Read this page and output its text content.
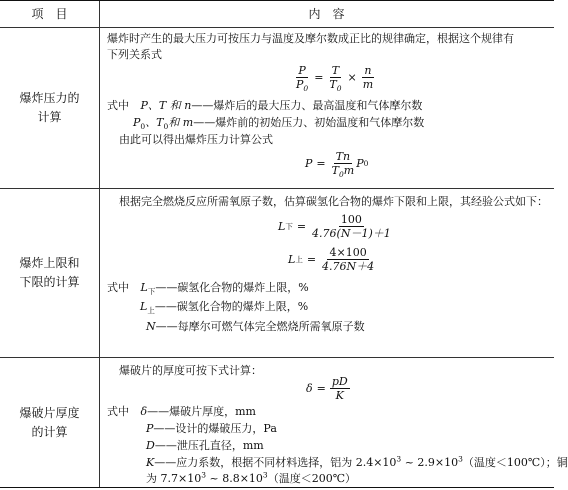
项　目	内　容
爆炸压力的计算
爆炸时产生的最大压力可按压力与温度及摩尔数成正比的规律确定，根据这个规律有
下列关系式
$\frac{P}{P_0} = \frac{T}{T_0} \times \frac{n}{m}$
式中 P、T 和 n——爆炸后的最大压力、最高温度和气体摩尔数
$P_0$、$T_0$和 m——爆炸前的初始压力、初始温度和气体摩尔数
由此可以得出爆炸压力计算公式
$P = \frac{Tn}{T_0m}$ P 0
爆炸上限和下限的计算
根据完全燃烧反应所需氧原子数，估算碳氢化合物的爆炸下限和上限，其经验公式如下：
L 下 = $\frac{100}{4.76(N-1)+1}$
L 上 = $\frac{4\times 100}{4.76N+4}$
式中 $L_下——$碳氢化合物的爆炸上限，%
$L_上——$碳氢化合物的爆炸上限，%
N——每摩尔可燃气体完全燃烧所需氧原子数
爆破片厚度的计算
爆破片的厚度可按下式计算：
$\delta = \frac{pD}{K}$
式中 δ——爆破片厚度，mm
P——设计的爆破压力，Pa
D——泄压孔直径，mm
K——应力系数，根据不同材料选择，铝为 $2.4\times 10^3$ ~ $2.9\times 10^3$（温度＜100℃）；铜
为 $7.7\times 10^3$ ~ $8.8\times 10^3$（温度＜200℃）
